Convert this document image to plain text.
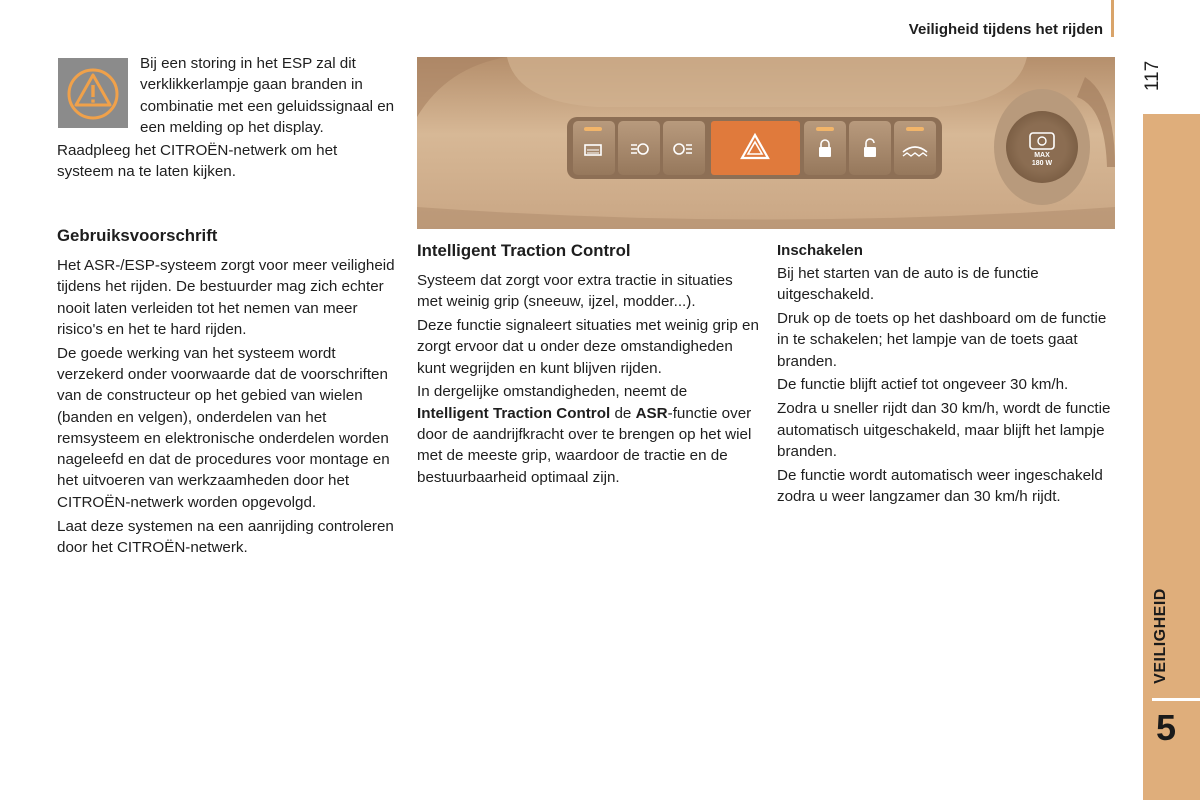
Veiligheid tijdens het rijden
117
VEILIGHEID
5

Bij een storing in het ESP zal dit verklikkerlampje gaan branden in combinatie met een geluidssignaal en een melding op het display.

Raadpleeg het CITROËN-netwerk om het systeem na te laten kijken.

Gebruiksvoorschrift

Het ASR-/ESP-systeem zorgt voor meer veiligheid tijdens het rijden. De bestuurder mag zich echter nooit laten verleiden tot het nemen van meer risico's en het te hard rijden.

De goede werking van het systeem wordt verzekerd onder voorwaarde dat de voorschriften van de constructeur op het gebied van wielen (banden en velgen), onderdelen van het remsysteem en elektronische onderdelen worden nageleefd en dat de procedures voor montage en het uitvoeren van werkzaamheden door het CITROËN-netwerk worden opgevolgd.

Laat deze systemen na een aanrijding controleren door het CITROËN-netwerk.

MAX
180 W
Intelligent Traction Control

Systeem dat zorgt voor extra tractie in situaties met weinig grip (sneeuw, ijzel, modder...).

Deze functie signaleert situaties met weinig grip en zorgt ervoor dat u onder deze omstandigheden kunt wegrijden en kunt blijven rijden.

In dergelijke omstandigheden, neemt de Intelligent Traction Control de ASR-functie over door de aandrijfkracht over te brengen op het wiel met de meeste grip, waardoor de tractie en de bestuurbaarheid optimaal zijn.

Inschakelen

Bij het starten van de auto is de functie uitgeschakeld.

Druk op de toets op het dashboard om de functie in te schakelen; het lampje van de toets gaat branden.

De functie blijft actief tot ongeveer 30 km/h.

Zodra u sneller rijdt dan 30 km/h, wordt de functie automatisch uitgeschakeld, maar blijft het lampje branden.

De functie wordt automatisch weer ingeschakeld zodra u weer langzamer dan 30 km/h rijdt.
